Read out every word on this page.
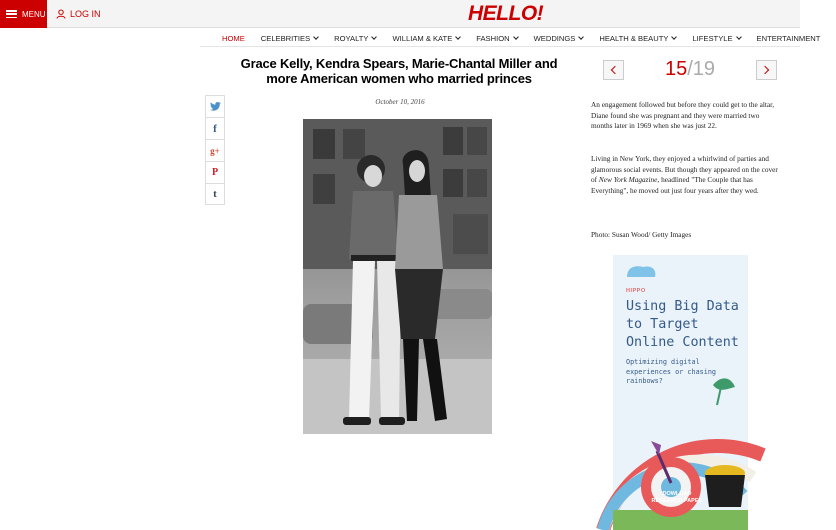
MENU	LOG IN	HELLO!
HOME CELEBRITIES	ROYALTY	WILLIAM & KATE	FASHION	WEDDINGS	HEALTH & BEAUTY	LIFESTYLE	ENTERTAINMENT
f
g+
P
t
Grace Kelly, Kendra Spears, Marie-Chantal Miller and more American women who married princes
October 10, 2016
15/19
An engagement followed but before they could get to the altar, Diane found she was pregnant and they were married two months later in 1969 when she was just 22.
Living in New York, they enjoyed a whirlwind of parties and glamorous social events. But though they appeared on the cover of New York Magazine, headlined "The Couple that has Everything", he moved out just four years after they wed.
Photo: Susan Wood/ Getty Images
HIPPO
Using Big Data to Target Online Content
Optimizing digital experiences or chasing rainbows?
DOWLOAD
RESEARCH PAPER
